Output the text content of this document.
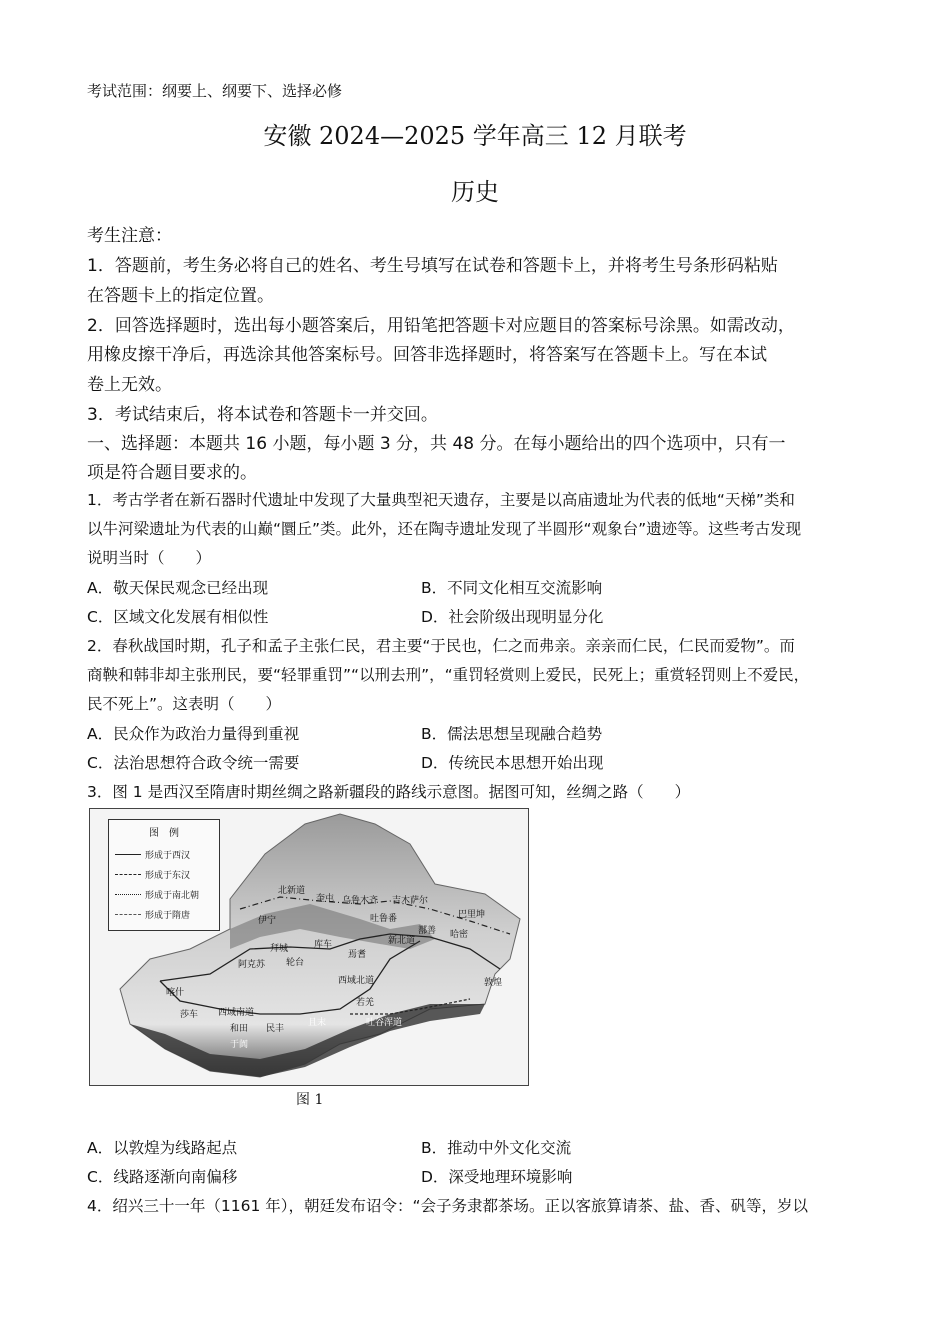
考试范围：纲要上、纲要下、选择必修
安徽 2024—2025 学年高三 12 月联考
历史
考生注意：
1．答题前，考生务必将自己的姓名、考生号填写在试卷和答题卡上，并将考生号条形码粘贴
在答题卡上的指定位置。
2．回答选择题时，选出每小题答案后，用铅笔把答题卡对应题目的答案标号涂黑。如需改动，
用橡皮擦干净后，再选涂其他答案标号。回答非选择题时，将答案写在答题卡上。写在本试
卷上无效。
3．考试结束后，将本试卷和答题卡一并交回。
一、选择题：本题共 16 小题，每小题 3 分，共 48 分。在每小题给出的四个选项中，只有一
项是符合题目要求的。
1．考古学者在新石器时代遗址中发现了大量典型祀天遗存，主要是以高庙遗址为代表的低地“天梯”类和
以牛河梁遗址为代表的山巅“圜丘”类。此外，还在陶寺遗址发现了半圆形“观象台”遗迹等。这些考古发现
说明当时（　　）
A．敬天保民观念已经出现	B．不同文化相互交流影响
C．区域文化发展有相似性	D．社会阶级出现明显分化
2．春秋战国时期，孔子和孟子主张仁民，君主要“于民也，仁之而弗亲。亲亲而仁民，仁民而爱物”。而
商鞅和韩非却主张刑民，要“轻罪重罚”“以刑去刑”，“重罚轻赏则上爱民，民死上；重赏轻罚则上不爱民，
民不死上”。这表明（　　）
A．民众作为政治力量得到重视	B．儒法思想呈现融合趋势
C．法治思想符合政令统一需要	D．传统民本思想开始出现
3．图 1 是西汉至隋唐时期丝绸之路新疆段的路线示意图。据图可知，丝绸之路（　　）
图　例
形成于西汉
形成于东汉
形成于南北朝
形成于隋唐
北新道
奎屯 乌鲁木齐 吉木萨尔
巴里坤
伊宁	吐鲁番
鄯善 哈密
新北道
拜城	库车
焉耆
阿克苏 轮台
西域北道	敦煌
喀什
若羌
莎车 西域南道
和田 民丰
且末	吐谷浑道
于阗
图 1
A．以敦煌为线路起点	B．推动中外文化交流
C．线路逐渐向南偏移	D．深受地理环境影响
4．绍兴三十一年（1161 年），朝廷发布诏令：“会子务隶都茶场。正以客旅算请茶、盐、香、矾等，岁以
